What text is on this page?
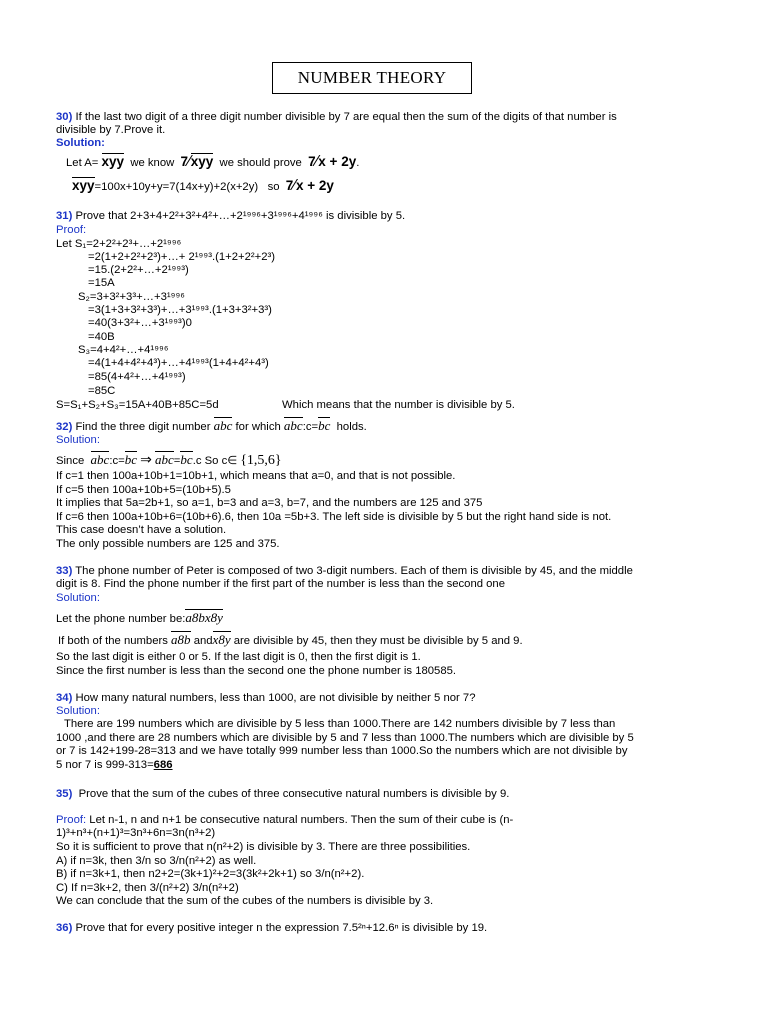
NUMBER THEORY
30) If the last two digit of a three digit number divisible by 7 are equal then the sum of the digits of that number is
divisible by 7.Prove it.
Solution:
Let A= xyy we know 7⁄xyy we should prove 7⁄x + 2y.
xyy=100x+10y+y=7(14x+y)+2(x+2y) so 7⁄x + 2y
31) Prove that 2+3+4+2²+3²+4²+…+2¹⁹⁹⁶+3¹⁹⁹⁶+4¹⁹⁹⁶ is divisible by 5.
Proof:
Let S₁=2+2²+2³+…+2¹⁹⁹⁶
=2(1+2+2²+2³)+…+ 2¹⁹⁹³.(1+2+2²+2³)
=15.(2+2²+…+2¹⁹⁹³)
=15A
S₂=3+3²+3³+…+3¹⁹⁹⁶
=3(1+3+3²+3³)+…+3¹⁹⁹³.(1+3+3²+3³)
=40(3+3²+…+3¹⁹⁹³)0
=40B
S₃=4+4²+…+4¹⁹⁹⁶
=4(1+4+4²+4³)+…+4¹⁹⁹³(1+4+4²+4³)
=85(4+4²+…+4¹⁹⁹³)
=85C
S=S₁+S₂+S₃=15A+40B+85C=5d	Which means that the number is divisible by 5.
32) Find the three digit number abc for which abc:c=bc holds.
Solution:
Since abc:c=bc ⇒ abc=bc.c So c∈ {1,5,6}
If c=1 then 100a+10b+1=10b+1, which means that a=0, and that is not possible.
If c=5 then 100a+10b+5=(10b+5).5
It implies that 5a=2b+1, so a=1, b=3 and a=3, b=7, and the numbers are 125 and 375
If c=6 then 100a+10b+6=(10b+6).6, then 10a =5b+3. The left side is divisible by 5 but the right hand side is not.
This case doesn’t have a solution.
The only possible numbers are 125 and 375.
33) The phone number of Peter is composed of two 3-digit numbers. Each of them is divisible by 45, and the middle
digit is 8. Find the phone number if the first part of the number is less than the second one
Solution:
Let the phone number be:a8bx8y
If both of the numbers a8b andx8y are divisible by 45, then they must be divisible by 5 and 9.
So the last digit is either 0 or 5. If the last digit is 0, then the first digit is 1.
Since the first number is less than the second one the phone number is 180585.
34) How many natural numbers, less than 1000, are not divisible by neither 5 nor 7?
Solution:
There are 199 numbers which are divisible by 5 less than 1000.There are 142 numbers divisible by 7 less than
1000 ,and there are 28 numbers which are divisible by 5 and 7 less than 1000.The numbers which are divisible by 5
or 7 is 142+199-28=313 and we have totally 999 number less than 1000.So the numbers which are not divisible by
5 nor 7 is 999-313=686
35) Prove that the sum of the cubes of three consecutive natural numbers is divisible by 9.
Proof: Let n-1, n and n+1 be consecutive natural numbers. Then the sum of their cube is (n-
1)³+n³+(n+1)³=3n³+6n=3n(n³+2)
So it is sufficient to prove that n(n²+2) is divisible by 3. There are three possibilities.
A) if n=3k, then 3/n so 3/n(n²+2) as well.
B) if n=3k+1, then n2+2=(3k+1)²+2=3(3k²+2k+1) so 3/n(n²+2).
C) If n=3k+2, then 3/(n²+2) 3/n(n²+2)
We can conclude that the sum of the cubes of the numbers is divisible by 3.
36) Prove that for every positive integer n the expression 7.5²ⁿ+12.6ⁿ is divisible by 19.
